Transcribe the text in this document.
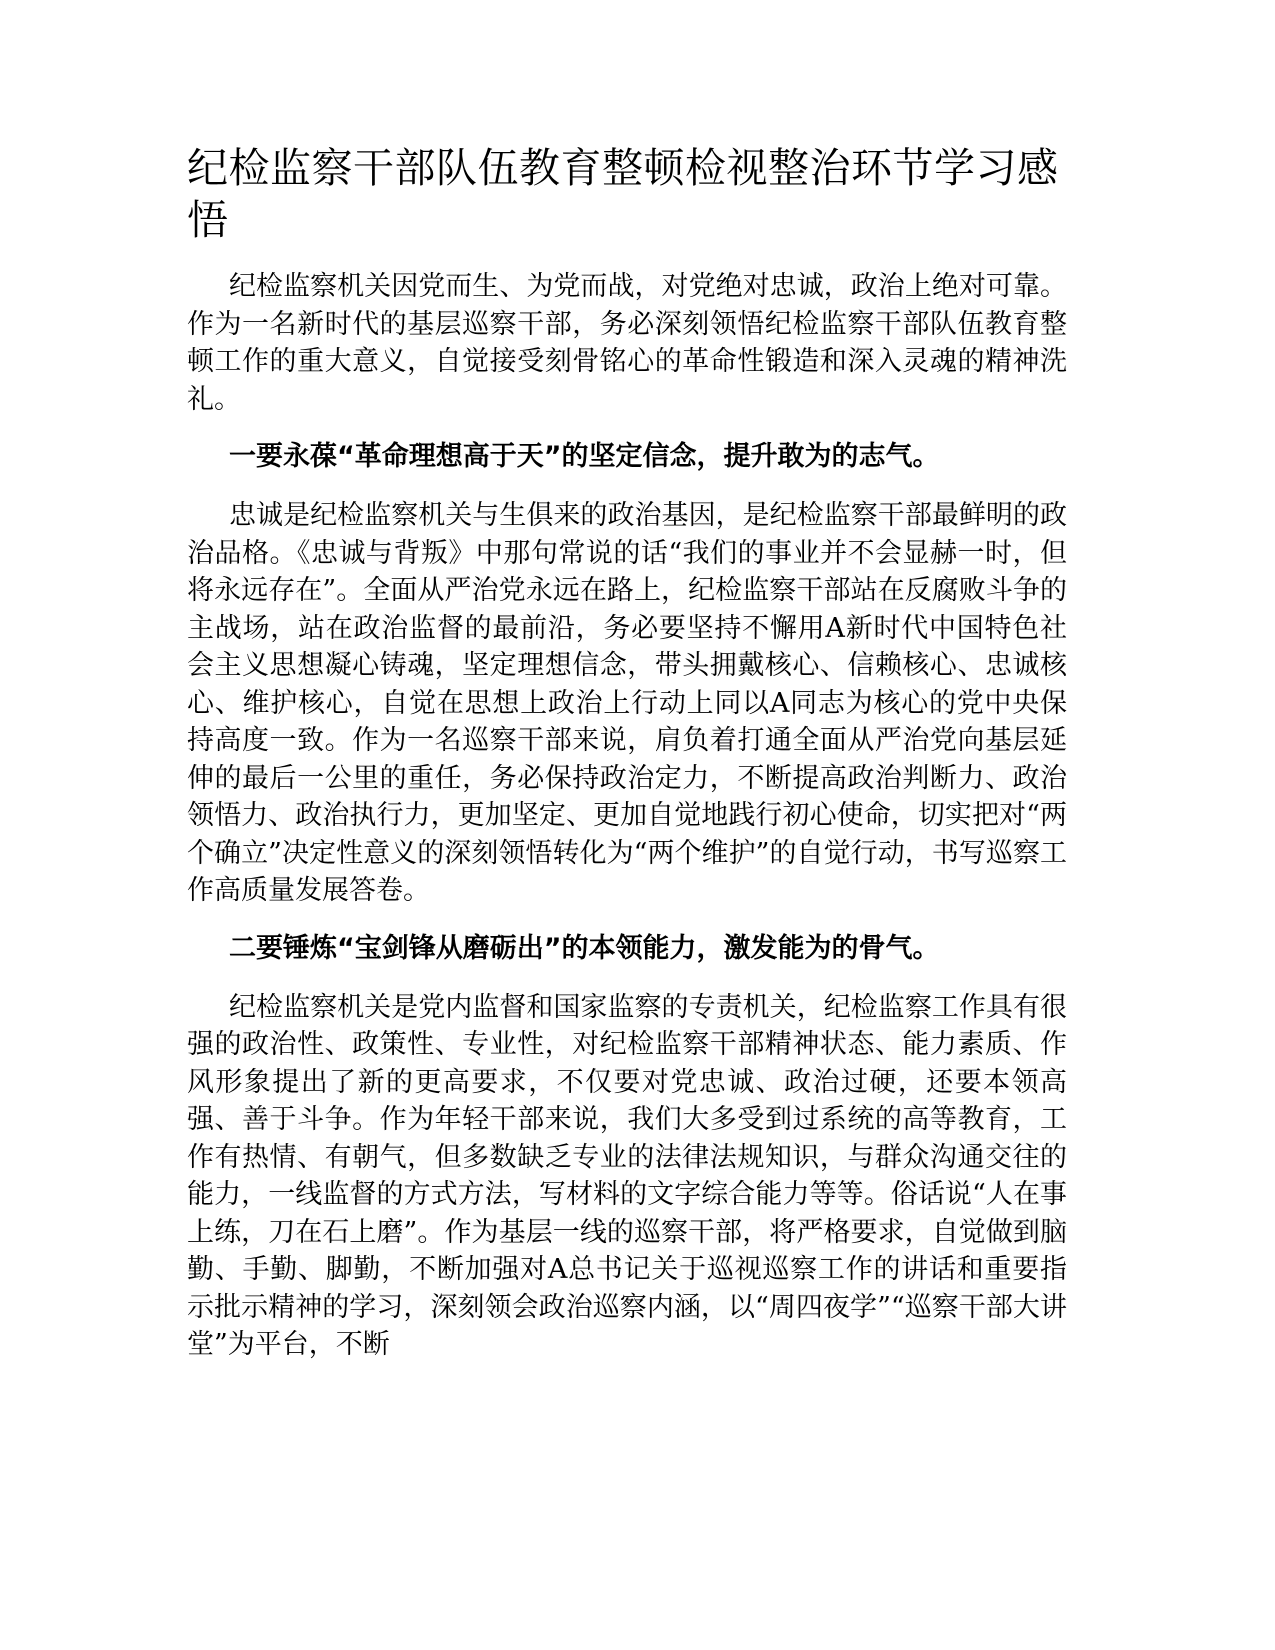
纪检监察干部队伍教育整顿检视整治环节学习感悟

纪检监察机关因党而生、为党而战，对党绝对忠诚，政治上绝对可靠。作为一名新时代的基层巡察干部，务必深刻领悟纪检监察干部队伍教育整顿工作的重大意义，自觉接受刻骨铭心的革命性锻造和深入灵魂的精神洗礼。

一要永葆“革命理想高于天”的坚定信念，提升敢为的志气。

忠诚是纪检监察机关与生俱来的政治基因，是纪检监察干部最鲜明的政治品格。《忠诚与背叛》中那句常说的话“我们的事业并不会显赫一时，但将永远存在”。全面从严治党永远在路上，纪检监察干部站在反腐败斗争的主战场，站在政治监督的最前沿，务必要坚持不懈用A新时代中国特色社会主义思想凝心铸魂，坚定理想信念，带头拥戴核心、信赖核心、忠诚核心、维护核心，自觉在思想上政治上行动上同以A同志为核心的党中央保持高度一致。作为一名巡察干部来说，肩负着打通全面从严治党向基层延伸的最后一公里的重任，务必保持政治定力，不断提高政治判断力、政治领悟力、政治执行力，更加坚定、更加自觉地践行初心使命，切实把对“两个确立”决定性意义的深刻领悟转化为“两个维护”的自觉行动，书写巡察工作高质量发展答卷。

二要锤炼“宝剑锋从磨砺出”的本领能力，激发能为的骨气。

纪检监察机关是党内监督和国家监察的专责机关，纪检监察工作具有很强的政治性、政策性、专业性，对纪检监察干部精神状态、能力素质、作风形象提出了新的更高要求，不仅要对党忠诚、政治过硬，还要本领高强、善于斗争。作为年轻干部来说，我们大多受到过系统的高等教育，工作有热情、有朝气，但多数缺乏专业的法律法规知识，与群众沟通交往的能力，一线监督的方式方法，写材料的文字综合能力等等。俗话说“人在事上练，刀在石上磨”。作为基层一线的巡察干部，将严格要求，自觉做到脑勤、手勤、脚勤，不断加强对A总书记关于巡视巡察工作的讲话和重要指示批示精神的学习，深刻领会政治巡察内涵，以“周四夜学”“巡察干部大讲堂”为平台，不断
